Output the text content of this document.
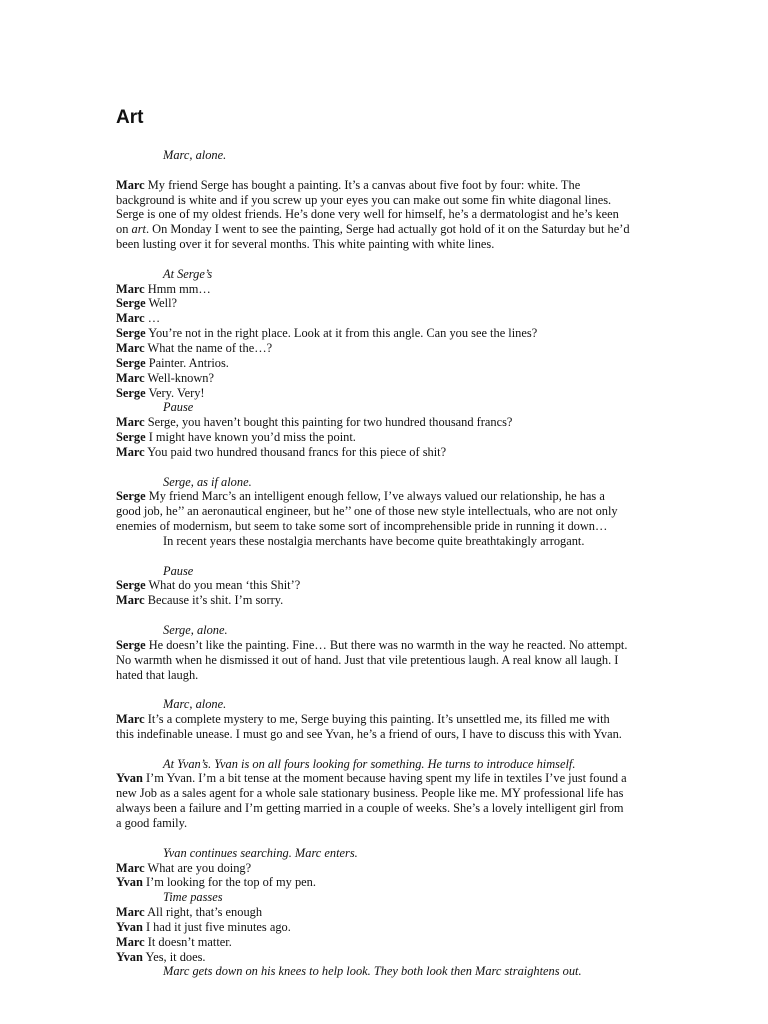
Art
Marc, alone.
Marc My friend Serge has bought a painting. It’s a canvas about five foot by four: white. The
background is white and if you screw up your eyes you can make out some fin white diagonal lines.
Serge is one of my oldest friends. He’s done very well for himself, he’s a dermatologist and he’s keen
on art. On Monday I went to see the painting, Serge had actually got hold of it on the Saturday but he’d
been lusting over it for several months. This white painting with white lines.
At Serge’s
Marc Hmm mm…
Serge Well?
Marc …
Serge You’re not in the right place. Look at it from this angle. Can you see the lines?
Marc What the name of the…?
Serge Painter. Antrios.
Marc Well-known?
Serge Very. Very!
Pause
Marc Serge, you haven’t bought this painting for two hundred thousand francs?
Serge I might have known you’d miss the point.
Marc You paid two hundred thousand francs for this piece of shit?
Serge, as if alone.
Serge My friend Marc’s an intelligent enough fellow, I’ve always valued our relationship, he has a
good job, he’’ an aeronautical engineer, but he’’ one of those new style intellectuals, who are not only
enemies of modernism, but seem to take some sort of incomprehensible pride in running it down…
In recent years these nostalgia merchants have become quite breathtakingly arrogant.
Pause
Serge What do you mean ‘this Shit’?
Marc Because it’s shit. I’m sorry.
Serge, alone.
Serge He doesn’t like the painting. Fine… But there was no warmth in the way he reacted. No attempt.
No warmth when he dismissed it out of hand. Just that vile pretentious laugh. A real know all laugh. I
hated that laugh.
Marc, alone.
Marc It’s a complete mystery to me, Serge buying this painting. It’s unsettled me, its filled me with
this indefinable unease. I must go and see Yvan, he’s a friend of ours, I have to discuss this with Yvan.
At Yvan’s. Yvan is on all fours looking for something. He turns to introduce himself.
Yvan I’m Yvan. I’m a bit tense at the moment because having spent my life in textiles I’ve just found a
new Job as a sales agent for a whole sale stationary business. People like me. MY professional life has
always been a failure and I’m getting married in a couple of weeks. She’s a lovely intelligent girl from
a good family.
Yvan continues searching. Marc enters.
Marc What are you doing?
Yvan I’m looking for the top of my pen.
Time passes
Marc All right, that’s enough
Yvan I had it just five minutes ago.
Marc It doesn’t matter.
Yvan Yes, it does.
Marc gets down on his knees to help look. They both look then Marc straightens out.
